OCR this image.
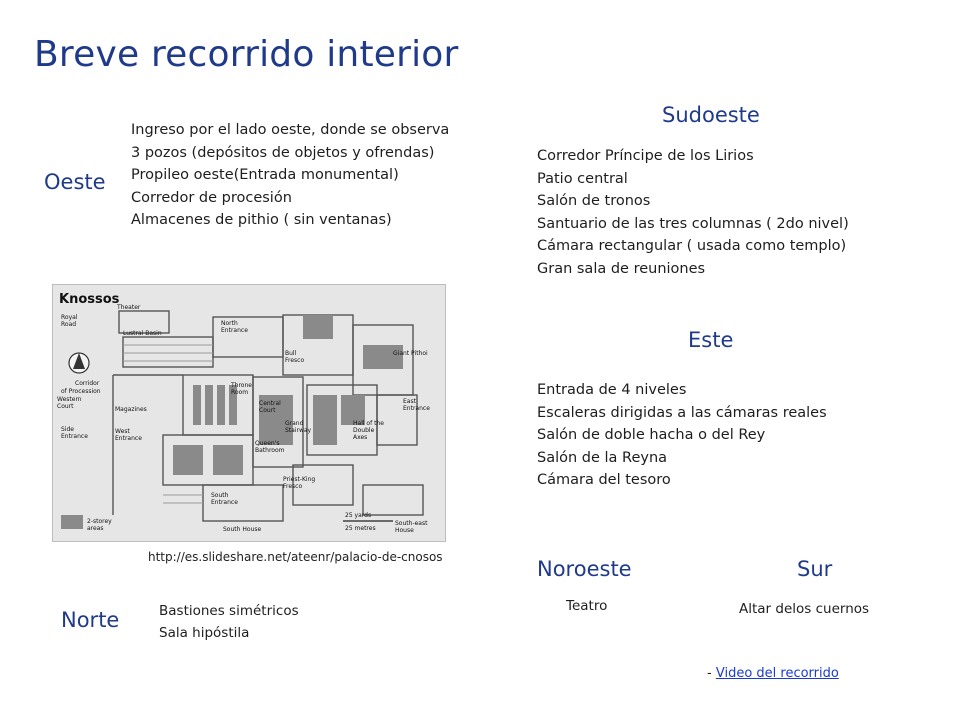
Breve recorrido interior
Oeste
Ingreso por el lado oeste, donde se observa 3 pozos (depósitos de objetos y ofrendas)
Propileo oeste(Entrada monumental)
Corredor de procesión
Almacenes de pithio ( sin ventanas)
Sudoeste
Corredor Príncipe de los Lirios
Patio central
Salón de tronos
Santuario de las tres columnas ( 2do nivel)
Cámara rectangular ( usada como templo)
Gran sala de reuniones
Este
Entrada de 4 niveles
Escaleras dirigidas a las cámaras reales
Salón de doble hacha o del Rey
Salón de la Reyna
Cámara del tesoro
Knossos
Royal
Road
Theater
Lustral Basin
North
Entrance
Bull
Fresco
Giant Pithoi
Corridor
of Procession
Throne
Room
Central
Court
Western
Court	Magazines
East
Entrance
Grand
Stairway
Hall of the
Double
Axes
Side
Entrance
West
Entrance
Queen's
Bathroom
Priest-King
Fresco
South
Entrance
South House
South-east
House
2-storey
areas
25 yards
25 metres
http://es.slideshare.net/ateenr/palacio-de-cnosos	Noroeste	Sur
Teatro	Altar delos cuernos
Norte	Bastiones simétricos
Sala hipóstila
- Video del recorrido
